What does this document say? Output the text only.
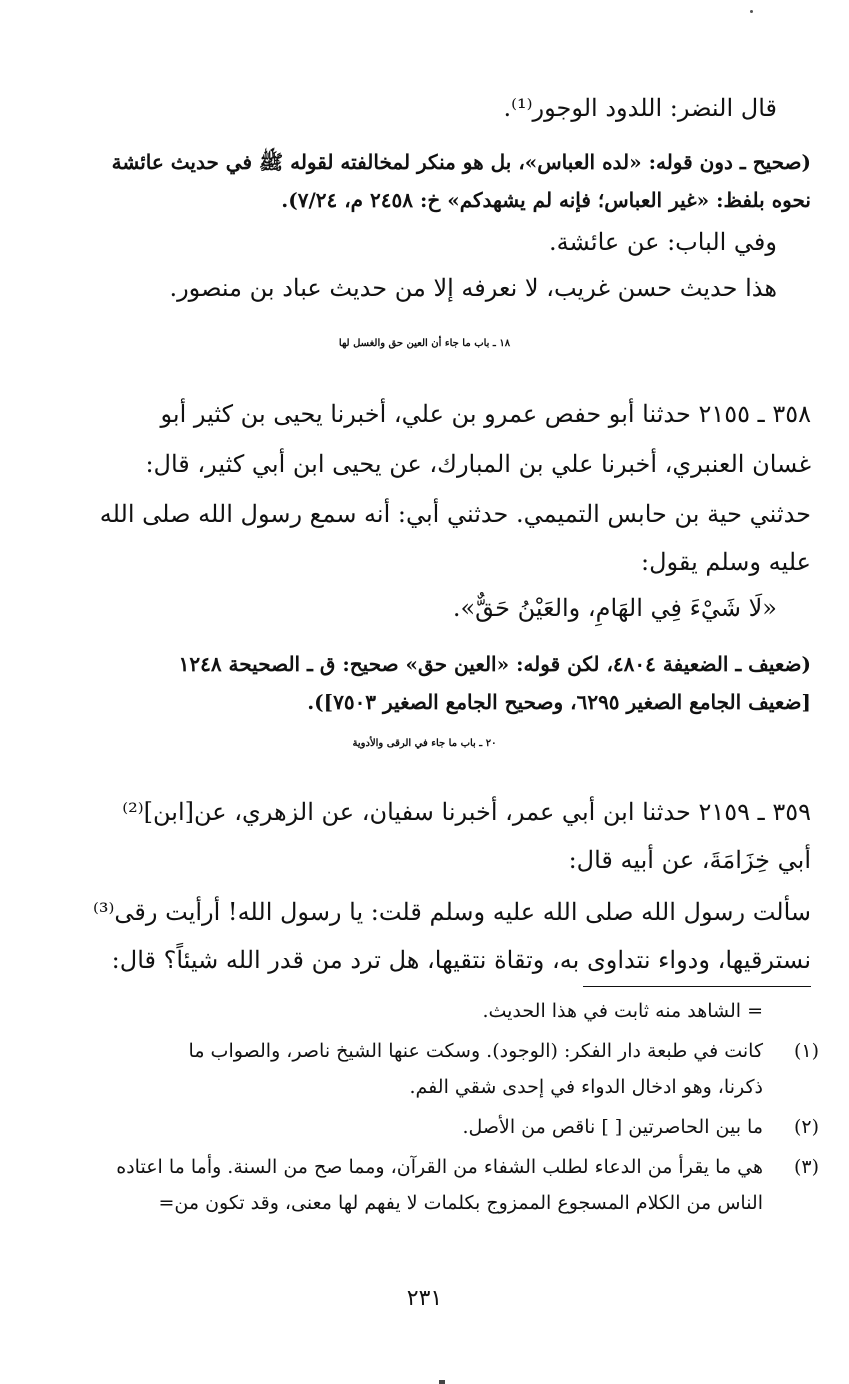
قال النضر: اللدود الوجور⁽¹⁾.
(صحيح ـ دون قوله: «لده العباس»، بل هو منكر لمخالفته لقوله ﷺ في حديث عائشة
نحوه بلفظ: «غير العباس؛ فإنه لم يشهدكم» خ: ٢٤٥٨ م، ٧/٢٤).
وفي الباب: عن عائشة.
هذا حديث حسن غريب، لا نعرفه إلا من حديث عباد بن منصور.
١٨ ـ باب ما جاء أن العين حق والغسل لها
٣٥٨ ـ ٢١٥٥ حدثنا أبو حفص عمرو بن علي، أخبرنا يحيى بن كثير أبو
غسان العنبري، أخبرنا علي بن المبارك، عن يحيى ابن أبي كثير، قال:
حدثني حية بن حابس التميمي. حدثني أبي: أنه سمع رسول الله صلى الله
عليه وسلم يقول:
«لَا شَيْءَ فِي الهَامِ، والعَيْنُ حَقٌّ».
(ضعيف ـ الضعيفة ٤٨٠٤، لكن قوله: «العين حق» صحيح: ق ـ الصحيحة ١٢٤٨
[ضعيف الجامع الصغير ٦٢٩٥، وصحيح الجامع الصغير ٧٥٠٣]).
٢٠ ـ باب ما جاء في الرقى والأدوية
٣٥٩ ـ ٢١٥٩ حدثنا ابن أبي عمر، أخبرنا سفيان، عن الزهري، عن[ابن]⁽²⁾
أبي خِزَامَةَ، عن أبيه قال:
سألت رسول الله صلى الله عليه وسلم قلت: يا رسول الله! أرأيت رقى⁽³⁾
نسترقيها، ودواء نتداوى به، وتقاة نتقيها، هل ترد من قدر الله شيئاً؟ قال:
= الشاهد منه ثابت في هذا الحديث.
(١)
كانت في طبعة دار الفكر: (الوجود). وسكت عنها الشيخ ناصر، والصواب ما
ذكرنا، وهو ادخال الدواء في إحدى شقي الفم.
(٢)
ما بين الحاصرتين [ ] ناقص من الأصل.
(٣)
هي ما يقرأ من الدعاء لطلب الشفاء من القرآن، ومما صح من السنة. وأما ما اعتاده
الناس من الكلام المسجوع الممزوج بكلمات لا يفهم لها معنى، وقد تكون من=
٢٣١
